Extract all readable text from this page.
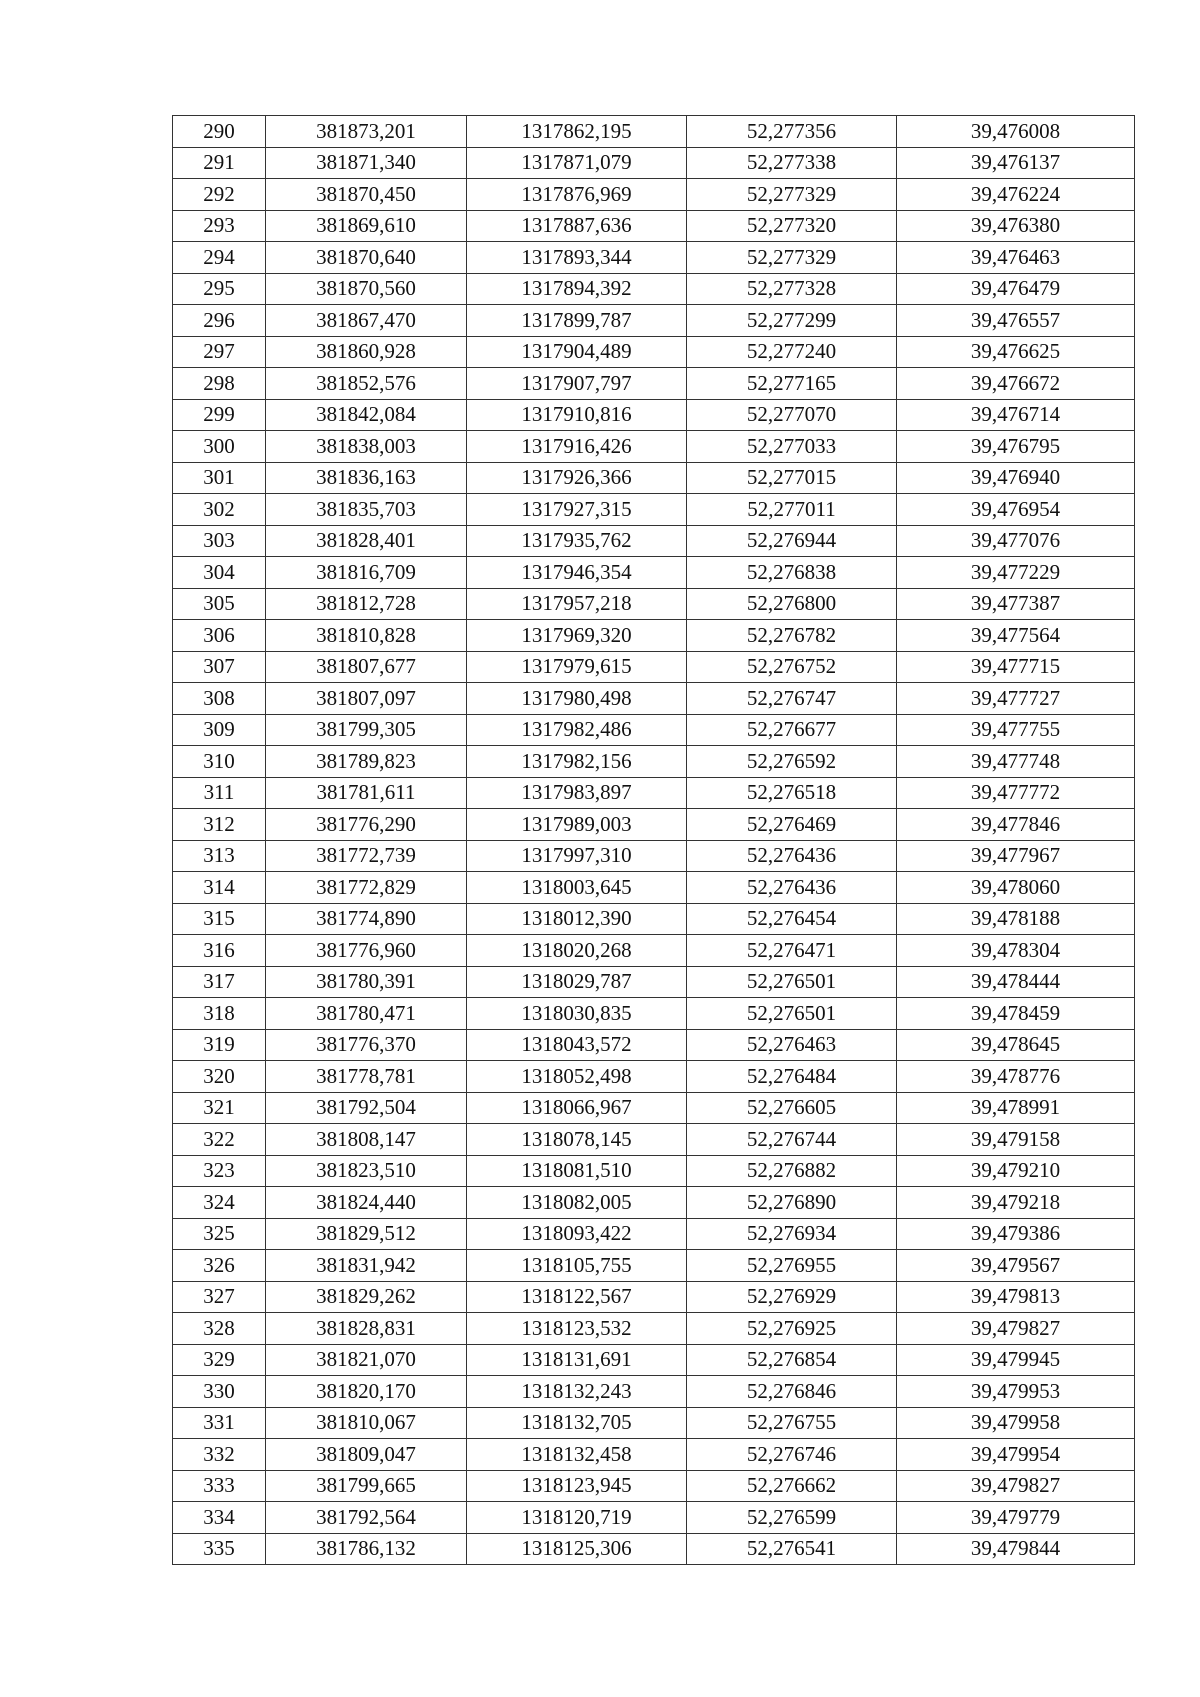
290	381873,201	1317862,195	52,277356	39,476008
291	381871,340	1317871,079	52,277338	39,476137
292	381870,450	1317876,969	52,277329	39,476224
293	381869,610	1317887,636	52,277320	39,476380
294	381870,640	1317893,344	52,277329	39,476463
295	381870,560	1317894,392	52,277328	39,476479
296	381867,470	1317899,787	52,277299	39,476557
297	381860,928	1317904,489	52,277240	39,476625
298	381852,576	1317907,797	52,277165	39,476672
299	381842,084	1317910,816	52,277070	39,476714
300	381838,003	1317916,426	52,277033	39,476795
301	381836,163	1317926,366	52,277015	39,476940
302	381835,703	1317927,315	52,277011	39,476954
303	381828,401	1317935,762	52,276944	39,477076
304	381816,709	1317946,354	52,276838	39,477229
305	381812,728	1317957,218	52,276800	39,477387
306	381810,828	1317969,320	52,276782	39,477564
307	381807,677	1317979,615	52,276752	39,477715
308	381807,097	1317980,498	52,276747	39,477727
309	381799,305	1317982,486	52,276677	39,477755
310	381789,823	1317982,156	52,276592	39,477748
311	381781,611	1317983,897	52,276518	39,477772
312	381776,290	1317989,003	52,276469	39,477846
313	381772,739	1317997,310	52,276436	39,477967
314	381772,829	1318003,645	52,276436	39,478060
315	381774,890	1318012,390	52,276454	39,478188
316	381776,960	1318020,268	52,276471	39,478304
317	381780,391	1318029,787	52,276501	39,478444
318	381780,471	1318030,835	52,276501	39,478459
319	381776,370	1318043,572	52,276463	39,478645
320	381778,781	1318052,498	52,276484	39,478776
321	381792,504	1318066,967	52,276605	39,478991
322	381808,147	1318078,145	52,276744	39,479158
323	381823,510	1318081,510	52,276882	39,479210
324	381824,440	1318082,005	52,276890	39,479218
325	381829,512	1318093,422	52,276934	39,479386
326	381831,942	1318105,755	52,276955	39,479567
327	381829,262	1318122,567	52,276929	39,479813
328	381828,831	1318123,532	52,276925	39,479827
329	381821,070	1318131,691	52,276854	39,479945
330	381820,170	1318132,243	52,276846	39,479953
331	381810,067	1318132,705	52,276755	39,479958
332	381809,047	1318132,458	52,276746	39,479954
333	381799,665	1318123,945	52,276662	39,479827
334	381792,564	1318120,719	52,276599	39,479779
335	381786,132	1318125,306	52,276541	39,479844
